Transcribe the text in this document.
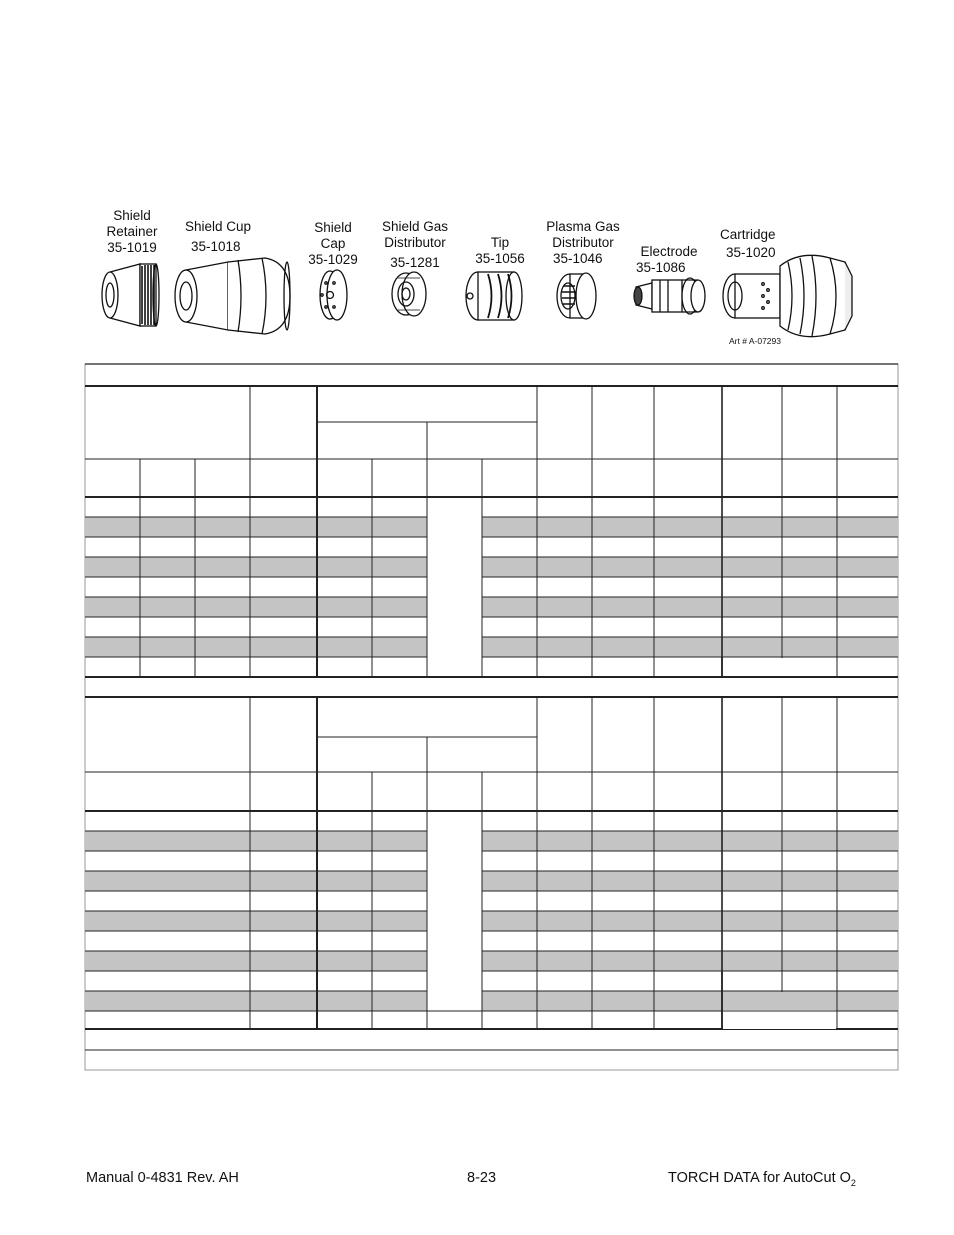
Shield
Retainer
35-1019
Shield Cup
35-1018
Shield
Cap
35-1029
Shield Gas
Distributor
35-1281
Tip
35-1056
Plasma Gas
Distributor
35-1046	Electrode
35-1086
Cartridge
35-1020
Art # A-07293
Manual 0-4831 Rev. AH	8-23	TORCH DATA for AutoCut $O_2$
